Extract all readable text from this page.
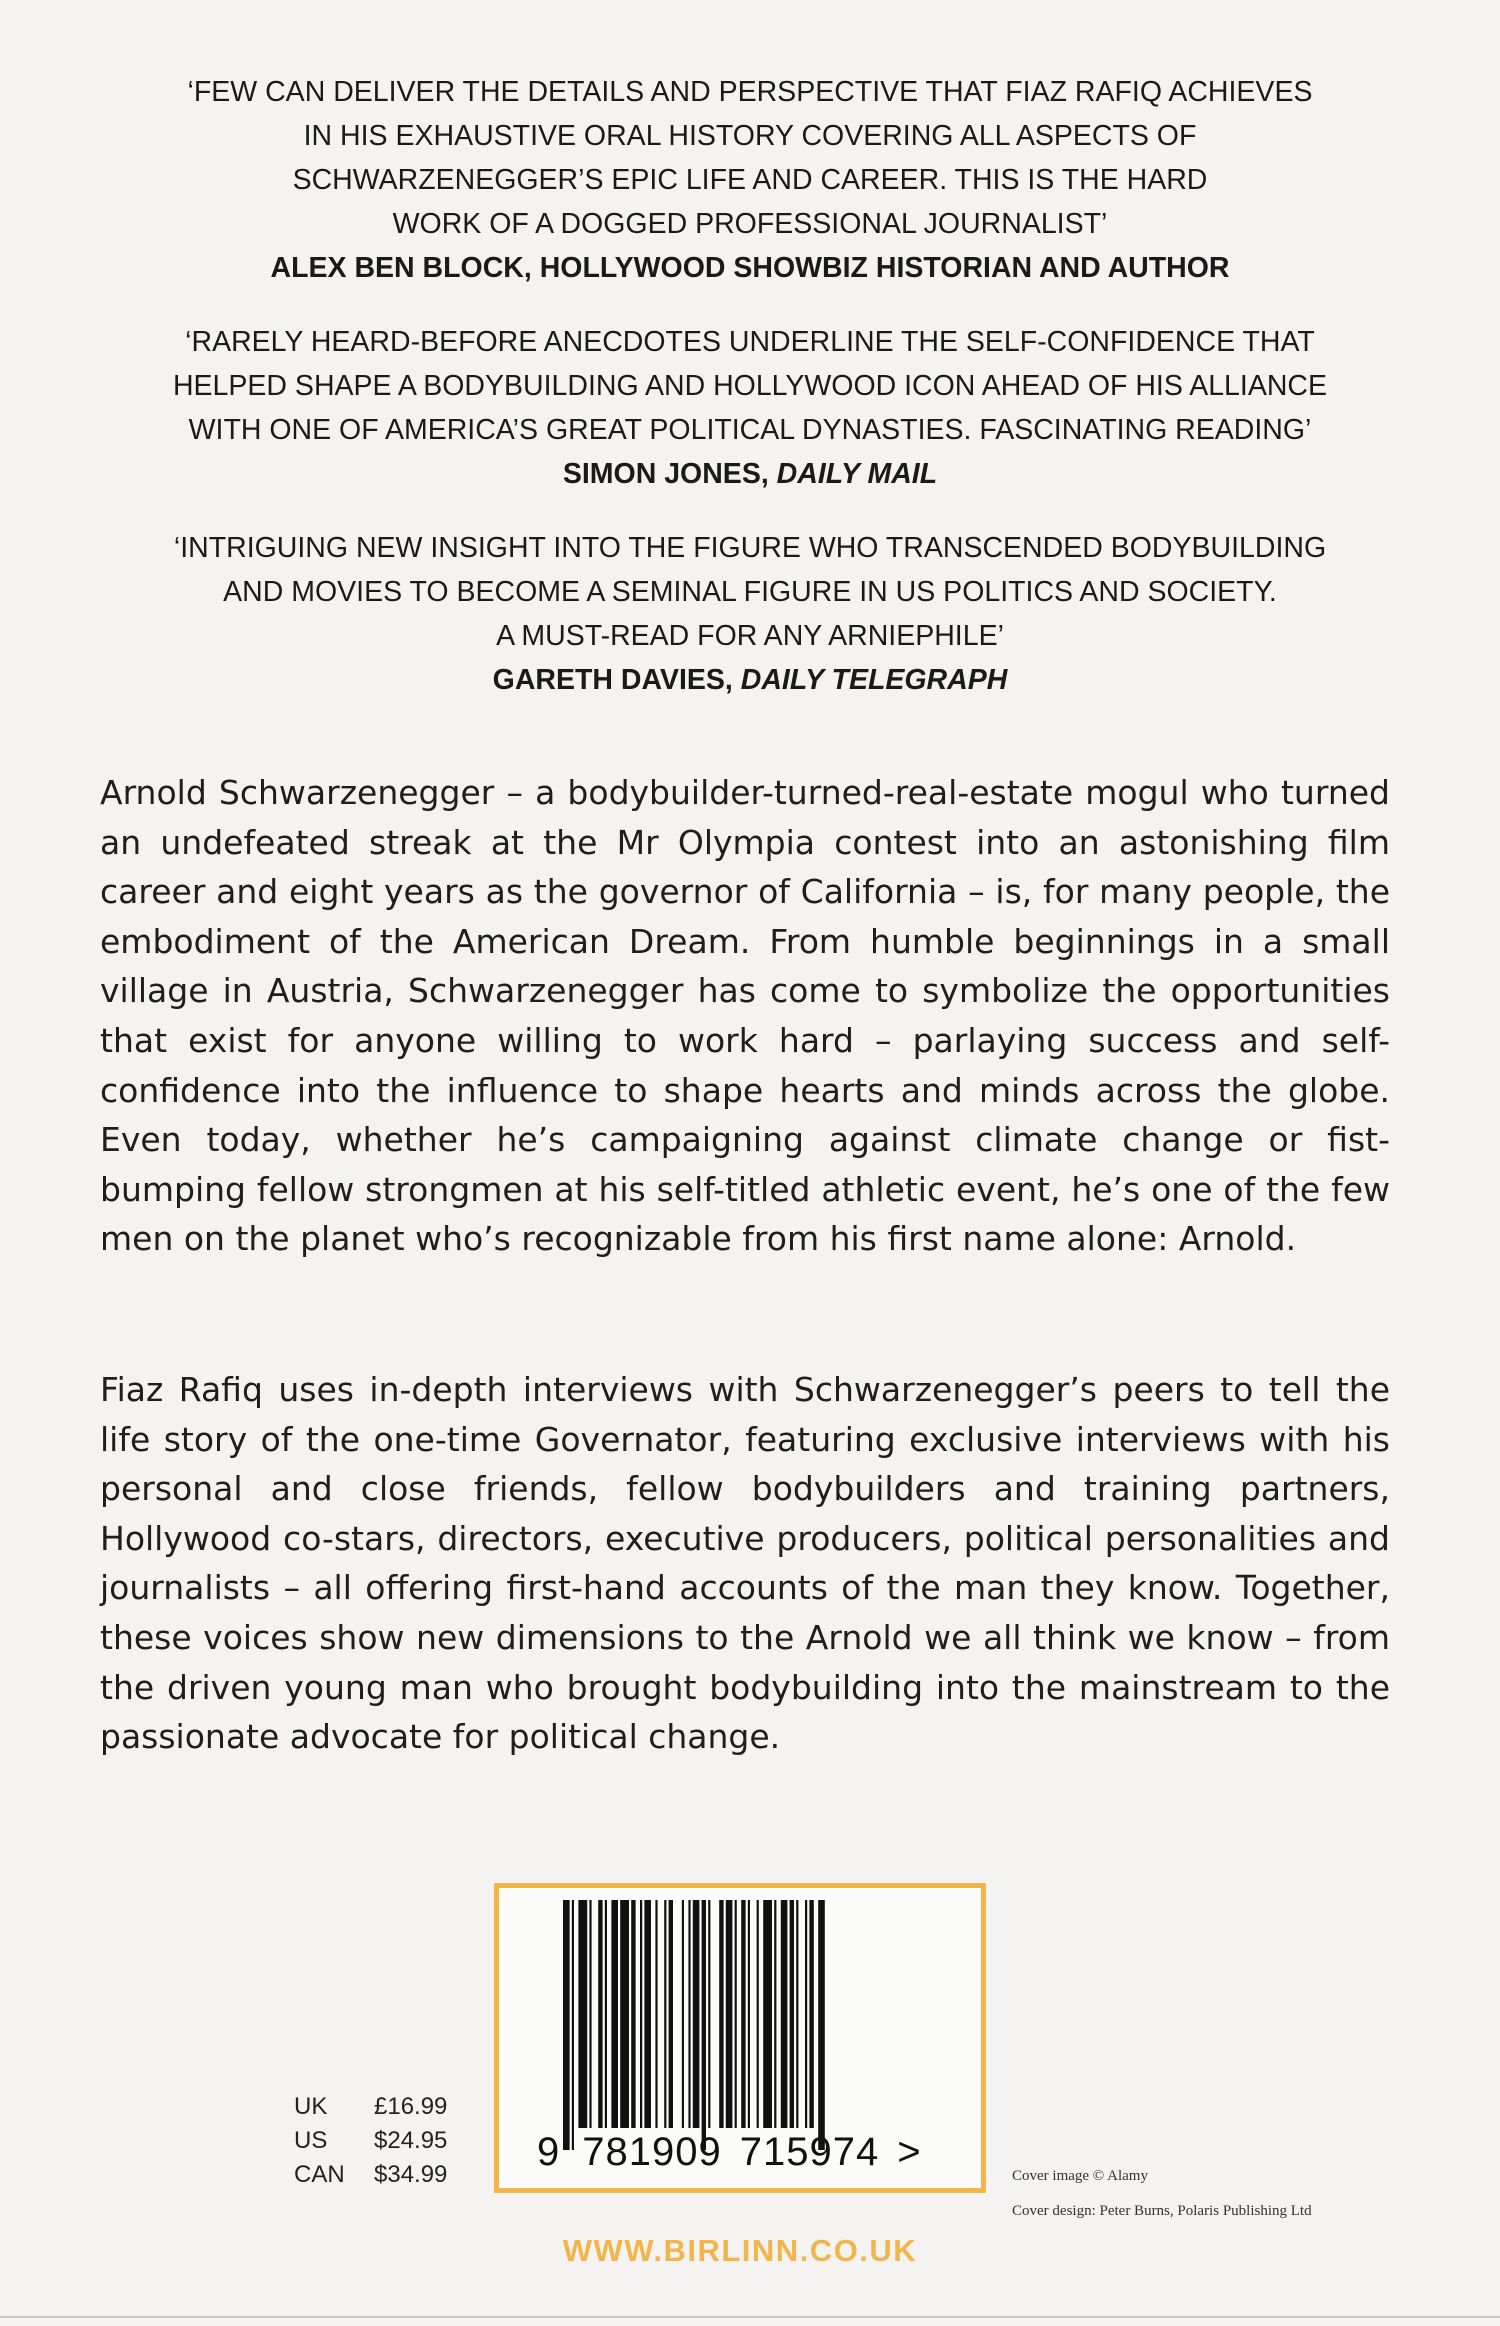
‘FEW CAN DELIVER THE DETAILS AND PERSPECTIVE THAT FIAZ RAFIQ ACHIEVES

IN HIS EXHAUSTIVE ORAL HISTORY COVERING ALL ASPECTS OF

SCHWARZENEGGER’S EPIC LIFE AND CAREER. THIS IS THE HARD

WORK OF A DOGGED PROFESSIONAL JOURNALIST’

ALEX BEN BLOCK, HOLLYWOOD SHOWBIZ HISTORIAN AND AUTHOR

‘RARELY HEARD-BEFORE ANECDOTES UNDERLINE THE SELF-CONFIDENCE THAT

HELPED SHAPE A BODYBUILDING AND HOLLYWOOD ICON AHEAD OF HIS ALLIANCE

WITH ONE OF AMERICA’S GREAT POLITICAL DYNASTIES. FASCINATING READING’

SIMON JONES, DAILY MAIL

‘INTRIGUING NEW INSIGHT INTO THE FIGURE WHO TRANSCENDED BODYBUILDING

AND MOVIES TO BECOME A SEMINAL FIGURE IN US POLITICS AND SOCIETY.

A MUST-READ FOR ANY ARNIEPHILE’

GARETH DAVIES, DAILY TELEGRAPH

Arnold Schwarzenegger – a bodybuilder-turned-real-estate mogul who turned an undefeated streak at the Mr Olympia contest into an astonishing film career and eight years as the governor of California – is, for many people, the embodiment of the American Dream. From humble beginnings in a small village in Austria, Schwarzenegger has come to symbolize the opportunities that exist for anyone willing to work hard – parlaying success and self-confidence into the influence to shape hearts and minds across the globe. Even today, whether he’s campaigning against climate change or fist-bumping fellow strongmen at his self-titled athletic event, he’s one of the few men on the planet who’s recognizable from his first name alone: Arnold.

Fiaz Rafiq uses in-depth interviews with Schwarzenegger’s peers to tell the life story of the one-time Governator, featuring exclusive interviews with his personal and close friends, fellow bodybuilders and training partners, Hollywood co-stars, directors, executive producers, political personalities and journalists – all offering first-hand accounts of the man they know. Together, these voices show new dimensions to the Arnold we all think we know – from the driven young man who brought bodybuilding into the mainstream to the passionate advocate for political change.

UK	£16.99
US	$24.95
CAN	$34.99
9 781909 715974 >
WWW.BIRLINN.CO.UK

Cover image © Alamy

Cover design: Peter Burns, Polaris Publishing Ltd
